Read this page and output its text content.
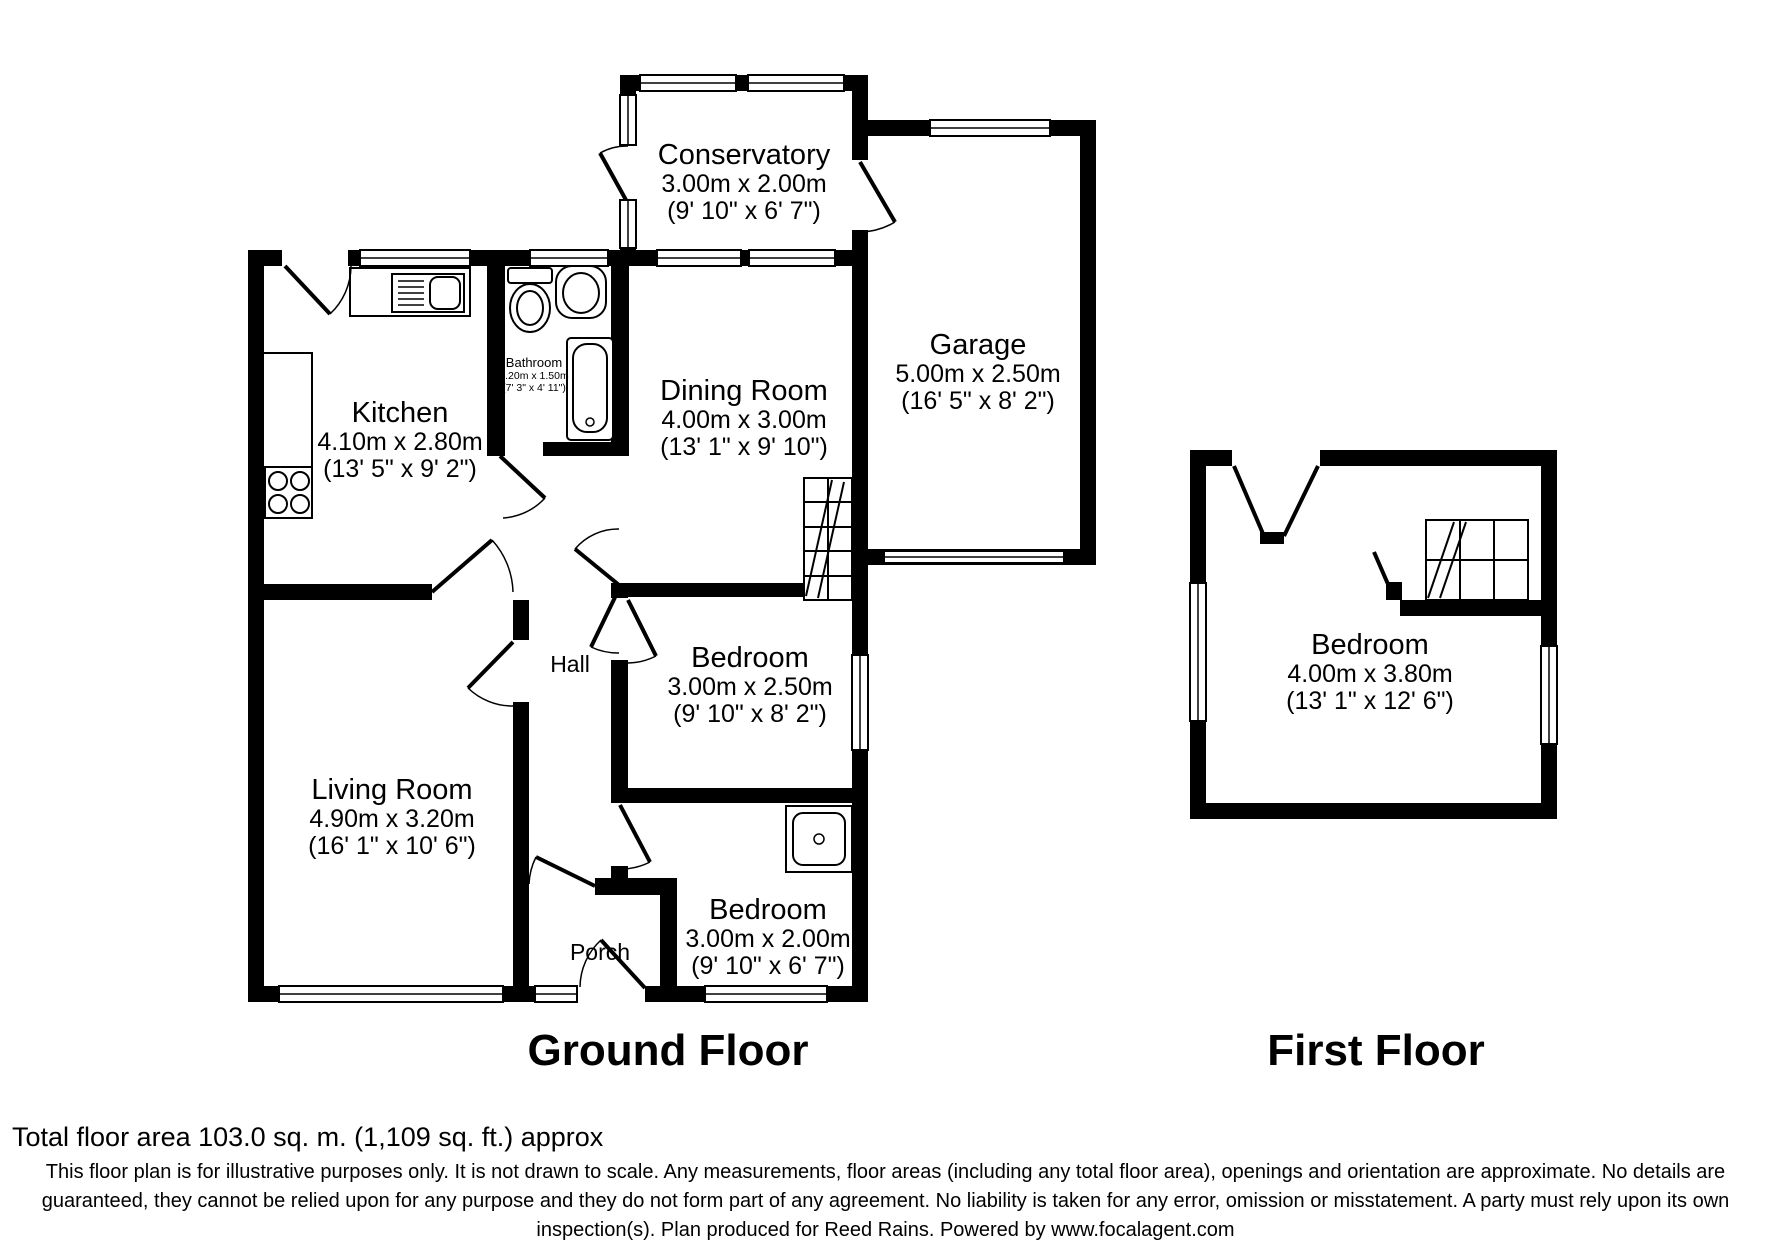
Conservatory
3.00m x 2.00m
(9' 10" x 6' 7")
Garage
5.00m x 2.50m
(16' 5" x 8' 2")
Kitchen
4.10m x 2.80m
(13' 5" x 9' 2")
Bathroom
2.20m x 1.50m
(7' 3" x 4' 11")	Dining Room
4.00m x 3.00m
(13' 1" x 9' 10")
Hall	Bedroom
3.00m x 2.50m
(9' 10" x 8' 2")
Living Room
4.90m x 3.20m
(16' 1" x 10' 6")
Porch
Bedroom
3.00m x 2.00m
(9' 10" x 6' 7")
Bedroom
4.00m x 3.80m
(13' 1" x 12' 6")
Ground Floor	First Floor
Total floor area 103.0 sq. m. (1,109 sq. ft.) approx
This floor plan is for illustrative purposes only. It is not drawn to scale. Any measurements, floor areas (including any total floor area), openings and orientation are approximate. No details are guaranteed, they cannot be relied upon for any purpose and they do not form part of any agreement. No liability is taken for any error, omission or misstatement. A party must rely upon its own inspection(s). Plan produced for Reed Rains. Powered by www.focalagent.com
